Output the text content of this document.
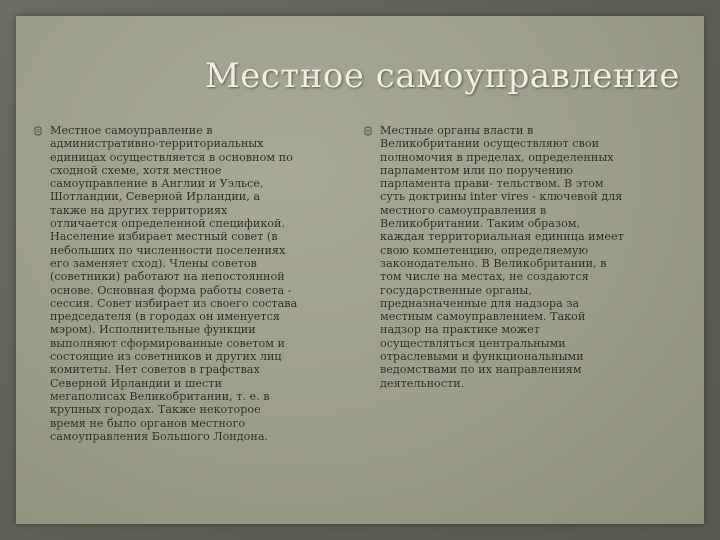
Местное самоуправление
Местное самоуправление в
административно-территориальных
единицах осуществляется в основном по
сходной схеме, хотя местное
самоуправление в Англии и Уэльсе,
Шотландии, Северной Ирландии, а
также на других территориях
отличается определенной спецификой.
Население избирает местный совет (в
небольших по численности поселениях
его заменяет сход). Члены советов
(советники) работают на непостоянной
основе. Основная форма работы совета -
сессия. Совет избирает из своего состава
председателя (в городах он именуется
мэром). Исполнительные функции
выполняют сформированные советом и
состоящие из советников и других лиц
комитеты. Нет советов в графствах
Северной Ирландии и шести
мегаполисах Великобритании, т. е. в
крупных городах. Также некоторое
время не было органов местного
самоуправления Большого Лондона.
Местные органы власти в
Великобритании осуществляют свои
полномочия в пределах, определенных
парламентом или по поручению
парламента прави- тельством. В этом
суть доктрины inter vires - ключевой для
местного самоуправления в
Великобритании. Таким образом,
каждая территориальная единица имеет
свою компетенцию, определяемую
законодательно. В Великобритании, в
том числе на местах, не создаются
государственные органы,
предназначенные для надзора за
местным самоуправлением. Такой
надзор на практике может
осуществляться центральными
отраслевыми и функциональными
ведомствами по их направлениям
деятельности.
